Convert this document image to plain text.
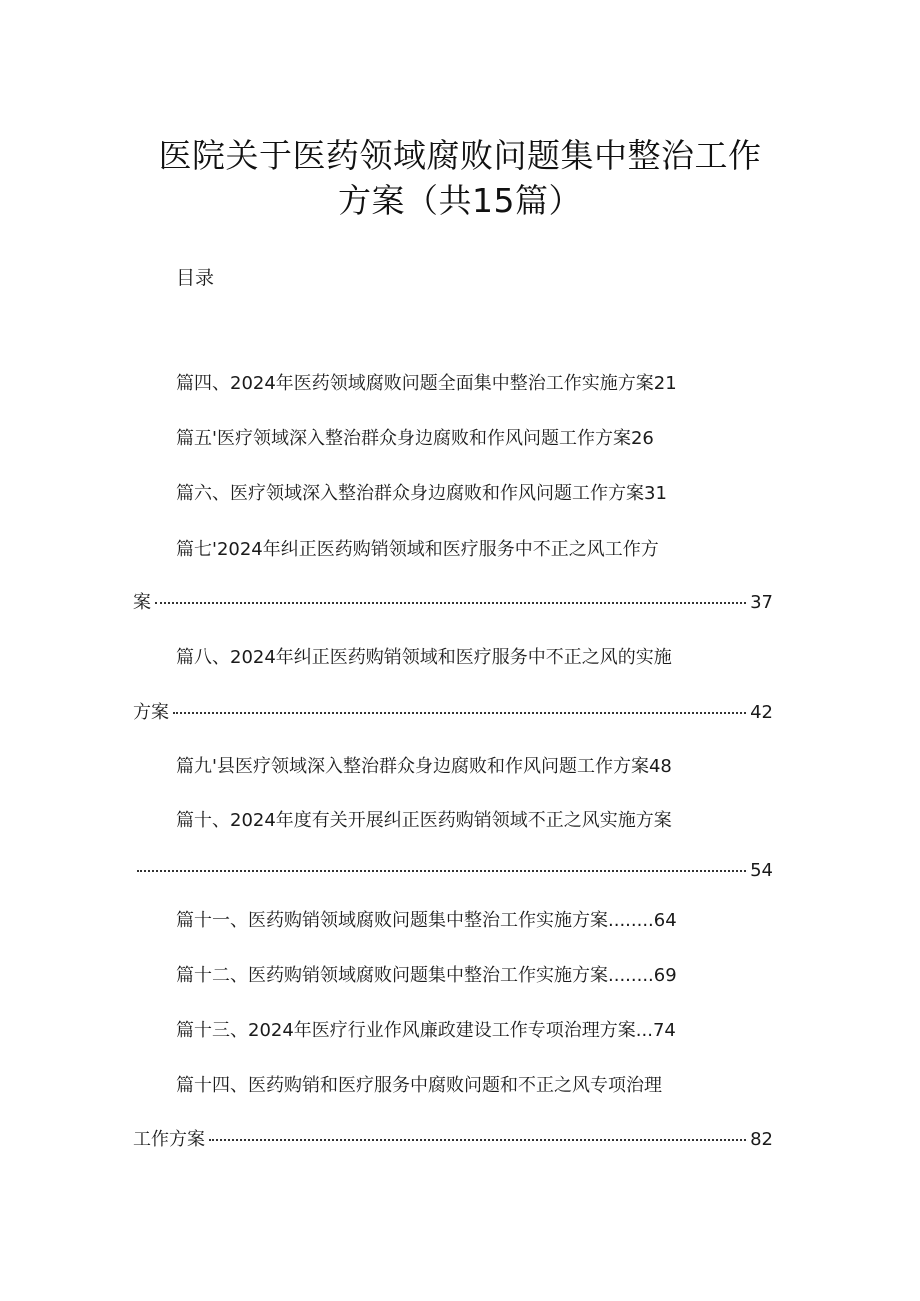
医院关于医药领域腐败问题集中整治工作
方案（共15篇）
目录
篇四、2024年医药领域腐败问题全面集中整治工作实施方案21
篇五'医疗领域深入整治群众身边腐败和作风问题工作方案26
篇六、医疗领域深入整治群众身边腐败和作风问题工作方案31
篇七'2024年纠正医药购销领域和医疗服务中不正之风工作方
案	37
篇八、2024年纠正医药购销领域和医疗服务中不正之风的实施
方案	42
篇九'县医疗领域深入整治群众身边腐败和作风问题工作方案48
篇十、2024年度有关开展纠正医药购销领域不正之风实施方案
54
篇十一、医药购销领域腐败问题集中整治工作实施方案........64
篇十二、医药购销领域腐败问题集中整治工作实施方案........69
篇十三、2024年医疗行业作风廉政建设工作专项治理方案...74
篇十四、医药购销和医疗服务中腐败问题和不正之风专项治理
工作方案	82
